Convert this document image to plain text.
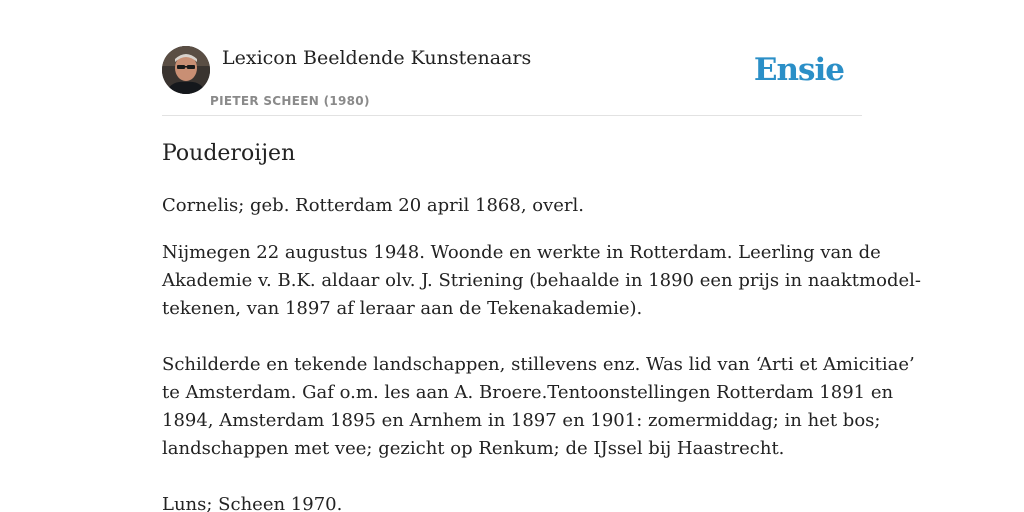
Lexicon Beeldende Kunstenaars
PIETER SCHEEN (1980)
Ensie
Pouderoijen
Cornelis; geb. Rotterdam 20 april 1868, overl.
Nijmegen 22 augustus 1948. Woonde en werkte in Rotterdam. Leerling van de
Akademie v. B.K. aldaar olv. J. Striening (behaalde in 1890 een prijs in naaktmodel-
tekenen, van 1897 af leraar aan de Tekenakademie).
Schilderde en tekende landschappen, stillevens enz. Was lid van ‘Arti et Amicitiae’
te Amsterdam. Gaf o.m. les aan A. Broere.Tentoonstellingen Rotterdam 1891 en
1894, Amsterdam 1895 en Arnhem in 1897 en 1901: zomermiddag; in het bos;
landschappen met vee; gezicht op Renkum; de IJssel bij Haastrecht.
Luns; Scheen 1970.
